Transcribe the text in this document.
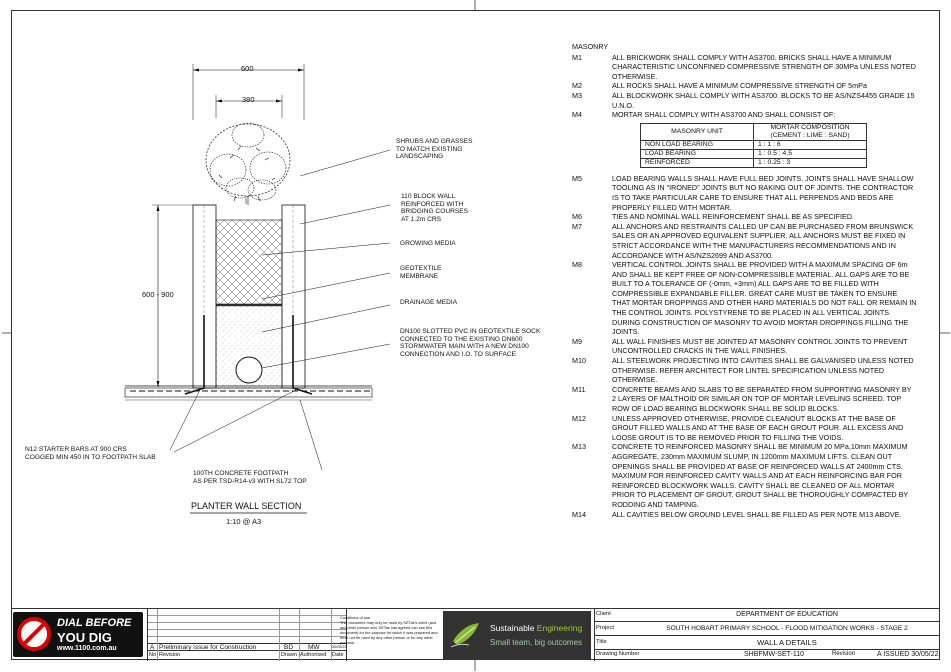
600
380
600 - 900
SHRUBS AND GRASSES
TO MATCH EXISTING
LANDSCAPING
110 BLOCK WALL
REINFORCED WITH
BRIDGING COURSES
AT 1.2m CRS
GROWING MEDIA
GEOTEXTILE
MEMBRANE
DRAINAGE MEDIA
DN100 SLOTTED PVC IN GEOTEXTILE SOCK
CONNECTED TO THE EXISTING DN600
STORMWATER MAIN WITH A NEW DN100
CONNECTION AND I.O. TO SURFACE
N12 STARTER BARS AT 900 CRS
COGGED MIN 450 IN TO FOOTPATH SLAB
100TH CONCRETE FOOTPATH
AS PER TSD-R14-v3 WITH SL72 TOP
PLANTER WALL SECTION
1:10 @ A3
MASONRY
M1	ALL BRICKWORK SHALL COMPLY WITH AS3700. BRICKS SHALL HAVE A MINIMUM CHARACTERISTIC UNCONFINED COMPRESSIVE STRENGTH OF 30MPa UNLESS NOTED OTHERWISE.
M2	ALL ROCKS SHALL HAVE A MINIMUM COMPRESSIVE STRENGTH OF 5mPa
M3	ALL BLOCKWORK SHALL COMPLY WITH AS3700. BLOCKS TO BE AS/NZS4455 GRADE 15 U.N.O.
M4	MORTAR SHALL COMPLY WITH AS3700 AND SHALL CONSIST OF:
MASONRY UNIT	MORTAR COMPOSITION
(CEMENT : LIME : SAND)
NON LOAD BEARING	1 : 1 : 6
LOAD BEARING	1 : 0.5 : 4.5
REINFORCED	1 : 0.25 : 3
M5	LOAD BEARING WALLS SHALL HAVE FULL BED JOINTS. JOINTS SHALL HAVE SHALLOW TOOLING AS IN "IRONED" JOINTS BUT NO RAKING OUT OF JOINTS. THE CONTRACTOR IS TO TAKE PARTICULAR CARE TO ENSURE THAT ALL PERPENDS AND BEDS ARE PROPERLY FILLED WITH MORTAR.
M6	TIES AND NOMINAL WALL REINFORCEMENT SHALL BE AS SPECIFIED.
M7	ALL ANCHORS AND RESTRAINTS CALLED UP CAN BE PURCHASED FROM BRUNSWICK SALES OR AN APPROVED EQUIVALENT SUPPLIER. ALL ANCHORS MUST BE FIXED IN STRICT ACCORDANCE WITH THE MANUFACTURERS RECOMMENDATIONS AND IN ACCORDANCE WITH AS/NZS2699 AND AS3700.
M8	VERTICAL CONTROL JOINTS SHALL BE PROVIDED WITH A MAXIMUM SPACING OF 6m AND SHALL BE KEPT FREE OF NON-COMPRESSIBLE MATERIAL. ALL GAPS ARE TO BE BUILT TO A TOLERANCE OF (-0mm, +3mm) ALL GAPS ARE TO BE FILLED WITH COMPRESSIBLE EXPANDABLE FILLER. GREAT CARE MUST BE TAKEN TO ENSURE THAT MORTAR DROPPINGS AND OTHER HARD MATERIALS DO NOT FALL OR REMAIN IN THE CONTROL JOINTS. POLYSTYRENE TO BE PLACED IN ALL VERTICAL JOINTS DURING CONSTRUCTION OF MASONRY TO AVOID MORTAR DROPPINGS FILLING THE JOINTS.
M9	ALL WALL FINISHES MUST BE JOINTED AT MASONRY CONTROL JOINTS TO PREVENT UNCONTROLLED CRACKS IN THE WALL FINISHES.
M10	ALL STEELWORK PROJECTING INTO CAVITIES SHALL BE GALVANISED UNLESS NOTED OTHERWISE. REFER ARCHITECT FOR LINTEL SPECIFICATION UNLESS NOTED OTHERWISE.
M11	CONCRETE BEAMS AND SLABS TO BE SEPARATED FROM SUPPORTING MASONRY BY 2 LAYERS OF MALTHOID OR SIMILAR ON TOP OF MORTAR LEVELING SCREED. TOP ROW OF LOAD BEARING BLOCKWORK SHALL BE SOLID BLOCKS.
M12	UNLESS APPROVED OTHERWISE, PROVIDE CLEANOUT BLOCKS AT THE BASE OF GROUT FILLED WALLS AND AT THE BASE OF EACH GROUT POUR. ALL EXCESS AND LOOSE GROUT IS TO BE REMOVED PRIOR TO FILLING THE VOIDS.
M13	CONCRETE TO REINFORCED MASONRY SHALL BE MINIMUM 20 MPa,10mm MAXIMUM AGGREGATE, 230mm MAXIMUM SLUMP, IN 1200mm MAXIMUM LIFTS. CLEAN OUT OPENINGS SHALL BE PROVIDED AT BASE OF REINFORCED WALLS AT 2400mm CTS. MAXIMUM FOR REINFORCED CAVITY WALLS AND AT EACH REINFORCING BAR FOR REINFORCED BLOCKWORK WALLS. CAVITY SHALL BE CLEANED OF ALL MORTAR PRIOR TO PLACEMENT OF GROUT. GROUT SHALL BE THOROUGHLY COMPACTED BY RODDING AND TAMPING.
M14	ALL CAVITIES BELOW GROUND LEVEL SHALL BE FILLED AS PER NOTE M13 ABOVE.
DIAL BEFORE
YOU DIG
www.1100.com.au	A Preliminary issue for Construction	BD MW	30/05/22
No Revision	Drawn Authorised Date
Conditions of use.
This document may only be used by SETas's client (and any other person who SETas has agreed can use this document) for the purpose for which it was prepared and must not be used by any other person or for any other purpose.
Sustainable Engineering
Small team, big outcomes
Client	DEPARTMENT OF EDUCATION
Project	SOUTH HOBART PRIMARY SCHOOL - FLOOD MITIGATION WORKS - STAGE 2
Title	WALL A DETAILS
Drawing Number	SHBFMW-SET-110	Revision	A ISSUED 30/05/22
